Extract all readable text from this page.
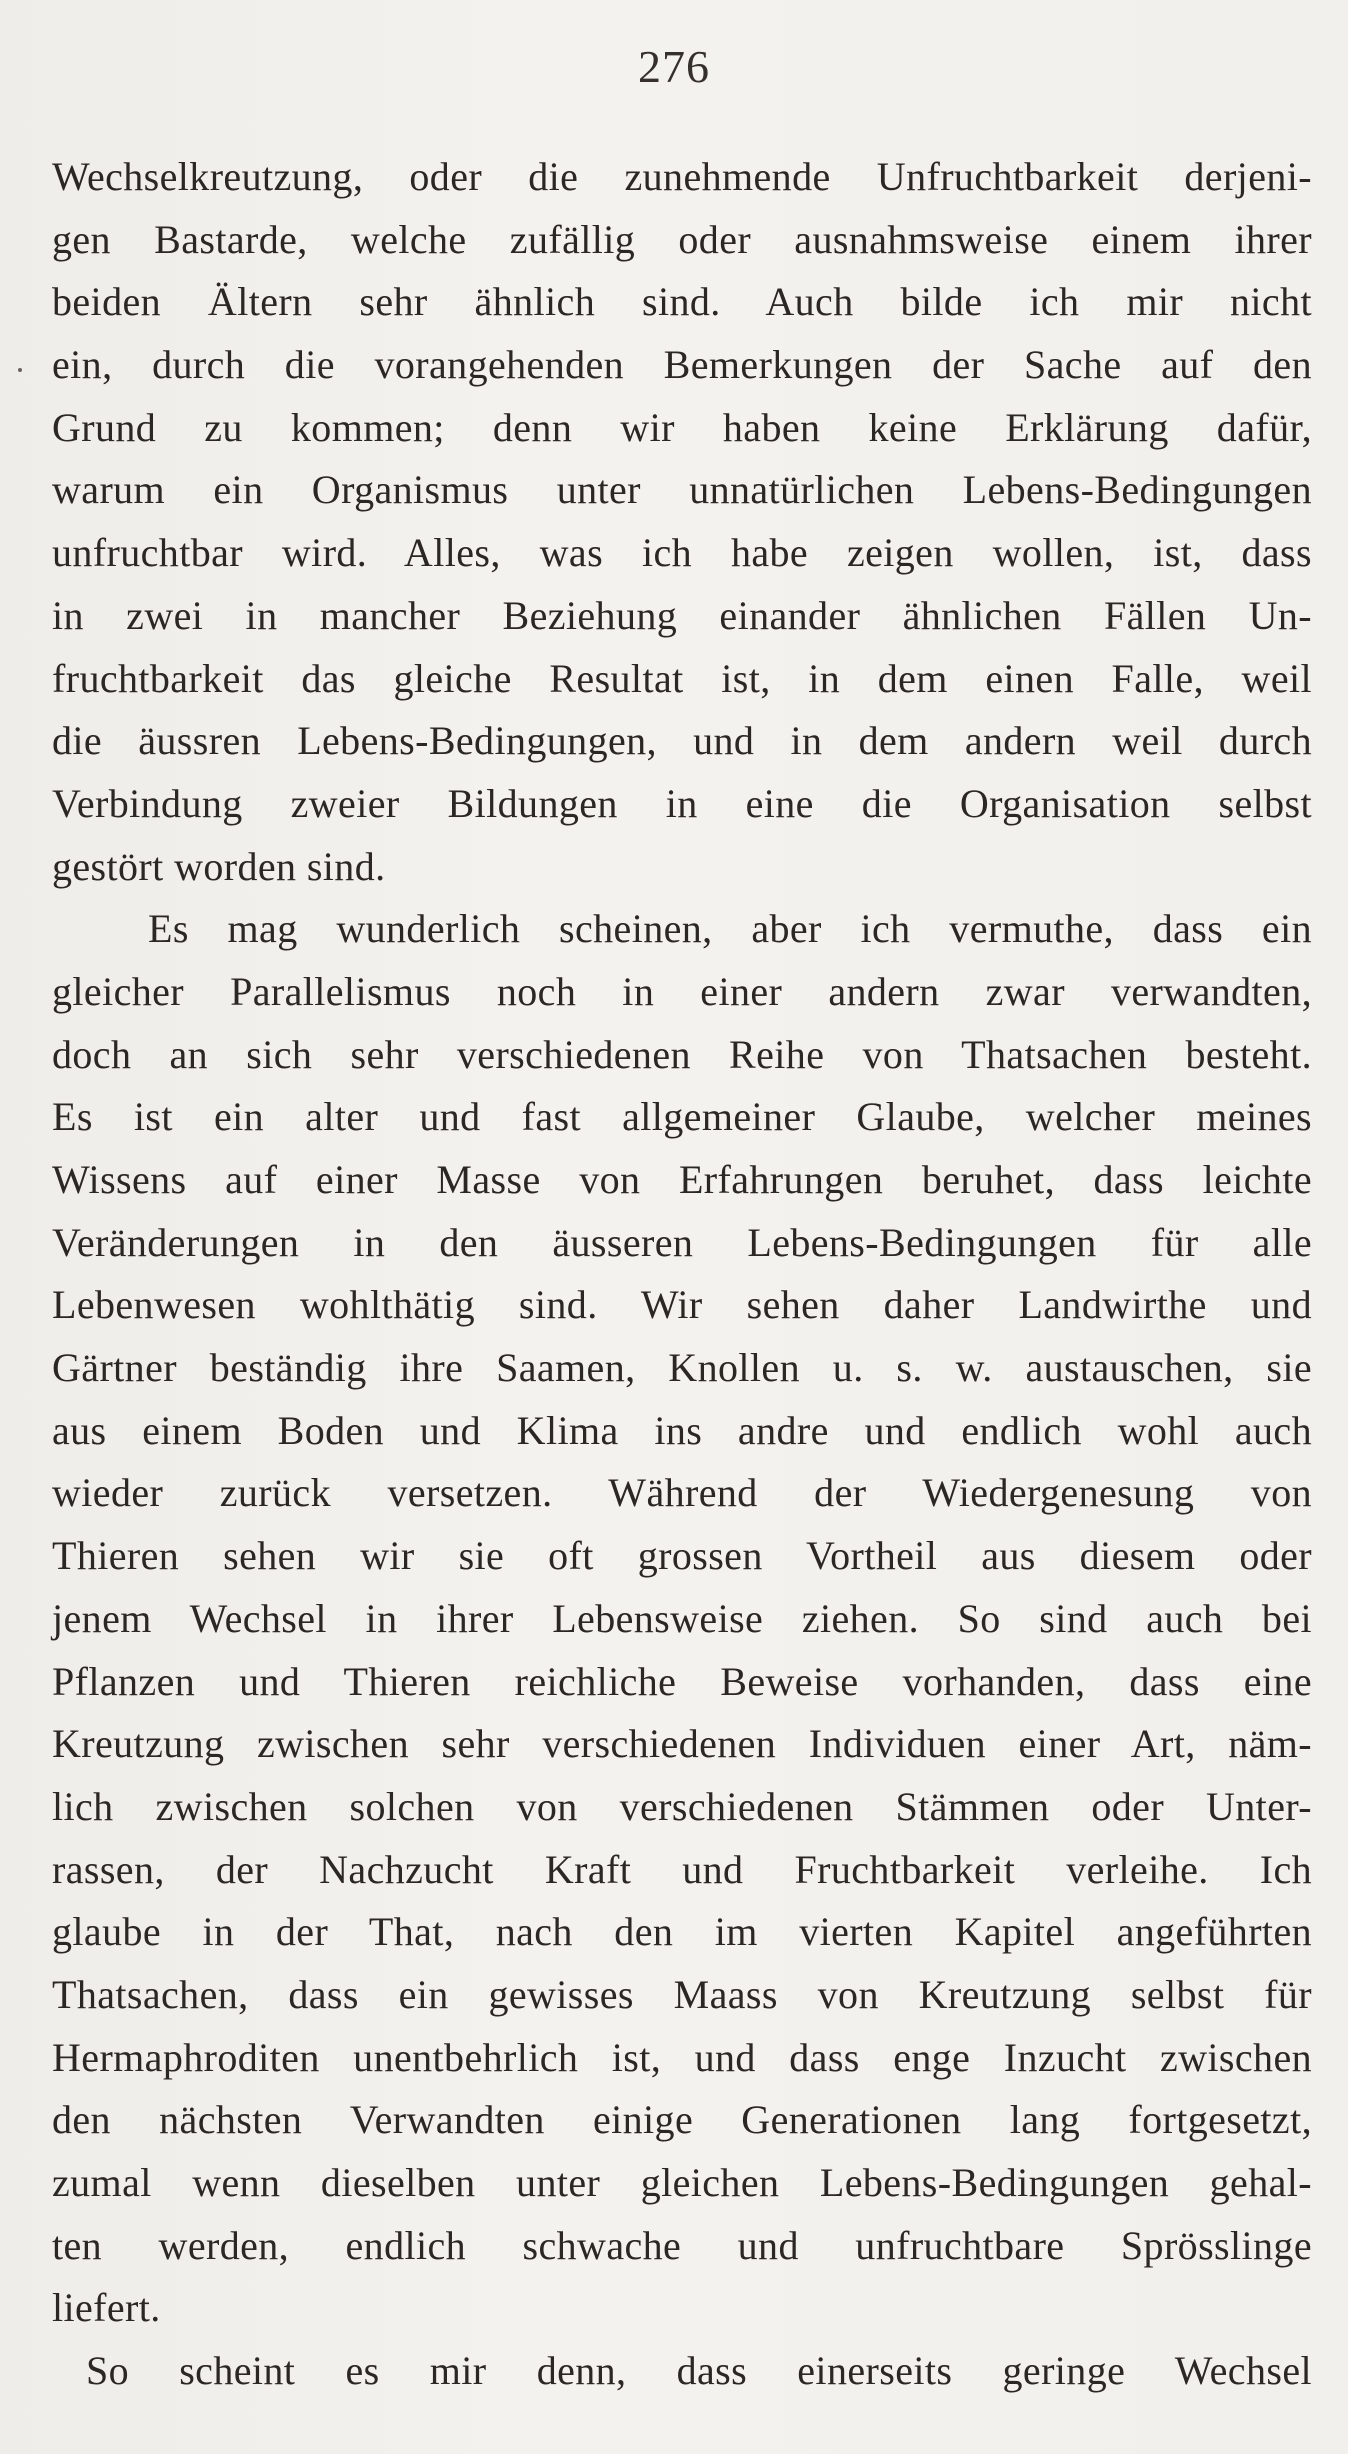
276
Wechselkreutzung, oder die zunehmende Unfruchtbarkeit derjeni-
gen Bastarde, welche zufällig oder ausnahmsweise einem ihrer
beiden Ältern sehr ähnlich sind. Auch bilde ich mir nicht
ein, durch die vorangehenden Bemerkungen der Sache auf den
Grund zu kommen; denn wir haben keine Erklärung dafür,
warum ein Organismus unter unnatürlichen Lebens-Bedingungen
unfruchtbar wird. Alles, was ich habe zeigen wollen, ist, dass
in zwei in mancher Beziehung einander ähnlichen Fällen Un-
fruchtbarkeit das gleiche Resultat ist, in dem einen Falle, weil
die äussren Lebens-Bedingungen, und in dem andern weil durch
Verbindung zweier Bildungen in eine die Organisation selbst
gestört worden sind.
Es mag wunderlich scheinen, aber ich vermuthe, dass ein
gleicher Parallelismus noch in einer andern zwar verwandten,
doch an sich sehr verschiedenen Reihe von Thatsachen besteht.
Es ist ein alter und fast allgemeiner Glaube, welcher meines
Wissens auf einer Masse von Erfahrungen beruhet, dass leichte
Veränderungen in den äusseren Lebens-Bedingungen für alle
Lebenwesen wohlthätig sind. Wir sehen daher Landwirthe und
Gärtner beständig ihre Saamen, Knollen u. s. w. austauschen, sie
aus einem Boden und Klima ins andre und endlich wohl auch
wieder zurück versetzen. Während der Wiedergenesung von
Thieren sehen wir sie oft grossen Vortheil aus diesem oder
jenem Wechsel in ihrer Lebensweise ziehen. So sind auch bei
Pflanzen und Thieren reichliche Beweise vorhanden, dass eine
Kreutzung zwischen sehr verschiedenen Individuen einer Art, näm-
lich zwischen solchen von verschiedenen Stämmen oder Unter-
rassen, der Nachzucht Kraft und Fruchtbarkeit verleihe. Ich
glaube in der That, nach den im vierten Kapitel angeführten
Thatsachen, dass ein gewisses Maass von Kreutzung selbst für
Hermaphroditen unentbehrlich ist, und dass enge Inzucht zwischen
den nächsten Verwandten einige Generationen lang fortgesetzt,
zumal wenn dieselben unter gleichen Lebens-Bedingungen gehal-
ten werden, endlich schwache und unfruchtbare Sprösslinge
liefert.
So scheint es mir denn, dass einerseits geringe Wechsel
